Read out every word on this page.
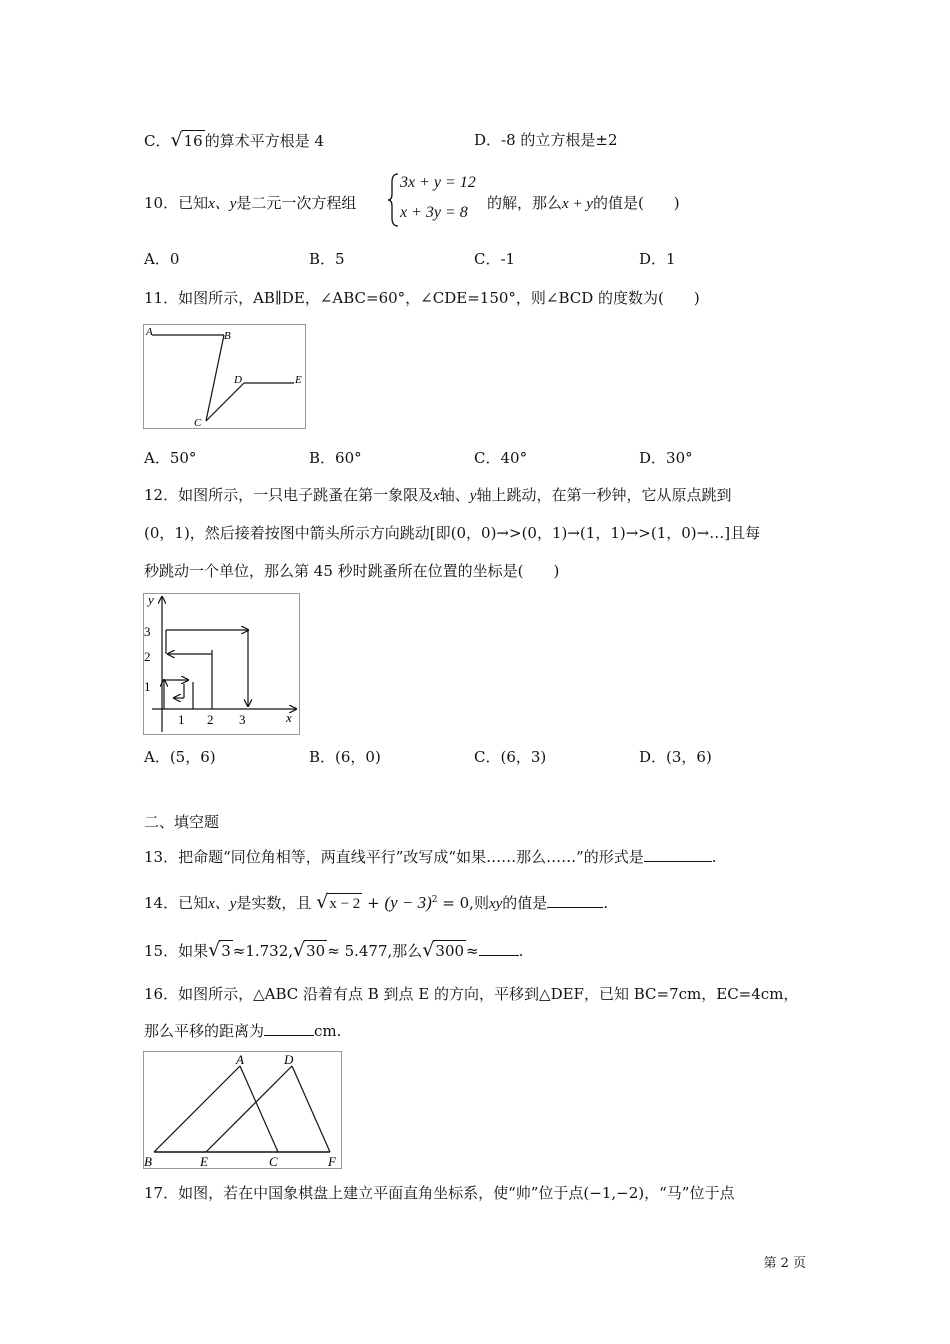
C．√16 的算术平方根是 4	D．-8 的立方根是±2
10．已知x、y是二元一次方程组
3x + y = 12
x + 3y = 8
的解，那么x + y的值是(　　)
A．0	B．5	C．-1	D．1
11．如图所示，AB∥DE，∠ABC=60°，∠CDE=150°，则∠BCD 的度数为(　　)
A	B
D	E
C
A．50°	B．60°	C．40°	D．30°
12．如图所示，一只电子跳蚤在第一象限及x轴、y轴上跳动，在第一秒钟，它从原点跳到
(0，1)，然后接着按图中箭头所示方向跳动[即(0，0)→>(0，1)→(1，1)→>(1，0)→…]且每
秒跳动一个单位，那么第 45 秒时跳蚤所在位置的坐标是(　　)
y
3
2
1
1 2 3	x
A．(5，6)	B．(6，0)	C．(6，3)	D．(3，6)
二、填空题
13．把命题“同位角相等，两直线平行”改写成“如果……那么……”的形式是	.
14．已知x、y是实数，且 $√x - 2 + (y - 3)^2 = 0$,则xy的值是	.
15．如果√3 ≈1.732,√30 ≈ 5.477,那么√300 ≈	.
16．如图所示，△ABC 沿着有点 B 到点 E 的方向，平移到△DEF，已知 BC=7cm，EC=4cm，
那么平移的距离为	cm.
A	D
B	E	C	F
17．如图，若在中国象棋盘上建立平面直角坐标系，使“帅”位于点(−1,−2)，“马”位于点
第 2 页
